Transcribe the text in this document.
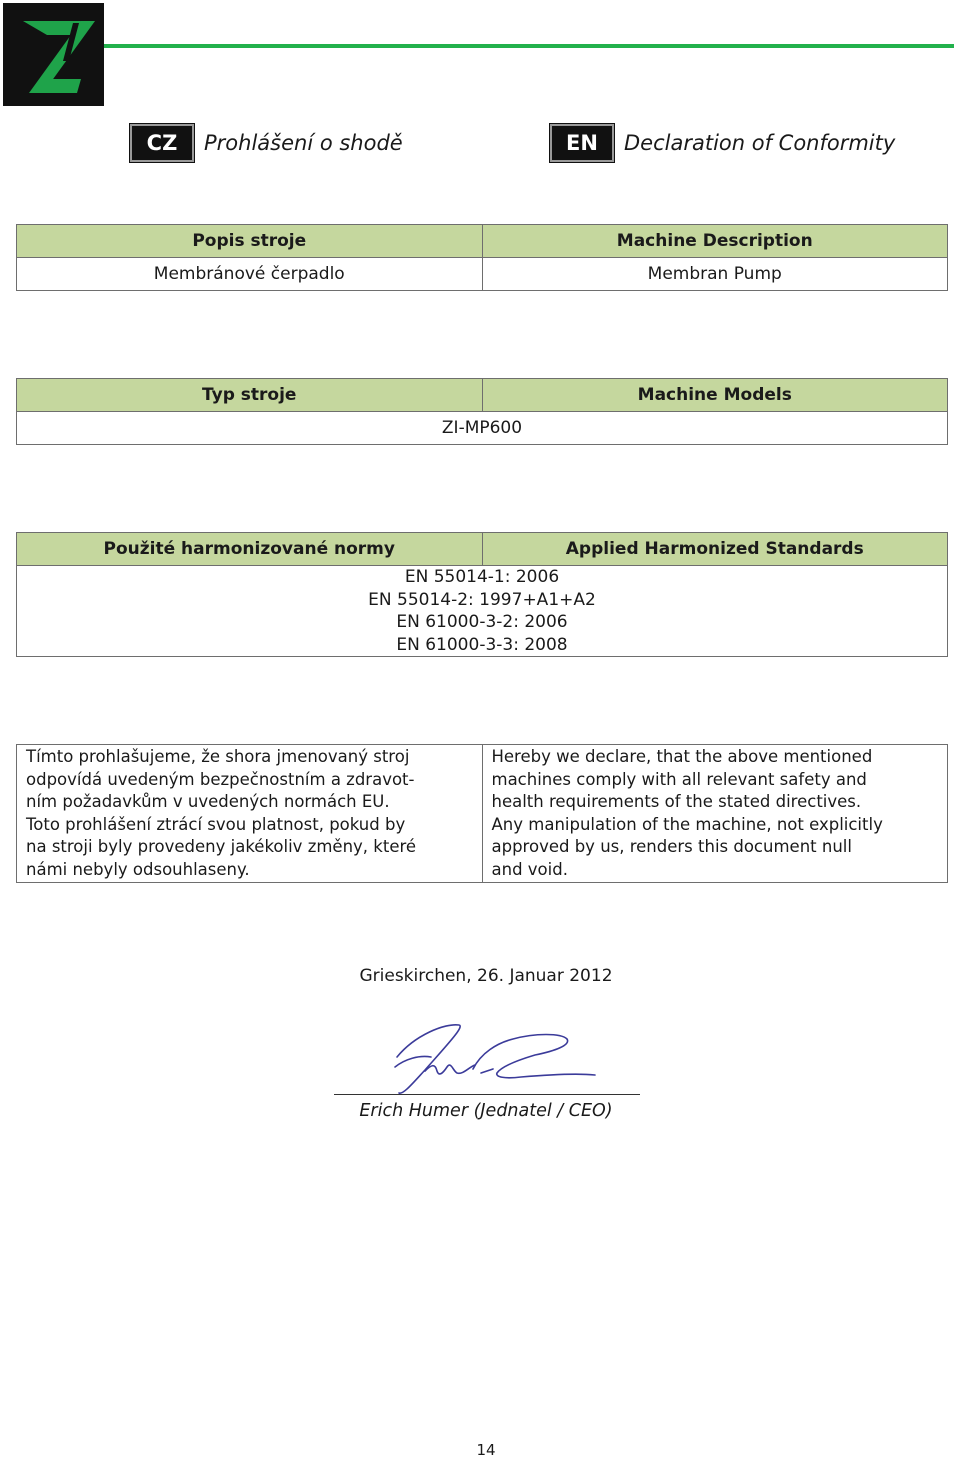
CZ	Prohlášení o shodě	EN	Declaration of Conformity
Popis stroje	Machine Description
Membránové čerpadlo	Membran Pump
Typ stroje	Machine Models
ZI-MP600
Použité harmonizované normy	Applied Harmonized Standards

EN 55014-1: 2006
EN 55014-2: 1997+A1+A2
EN 61000-3-2: 2006
EN 61000-3-3: 2008
Tímto prohlašujeme, že shora jmenovaný stroj
odpovídá uvedeným bezpečnostním a zdravot-
ním požadavkům v uvedených normách EU.
Toto prohlášení ztrácí svou platnost, pokud by
na stroji byly provedeny jakékoliv změny, které
námi nebyly odsouhlaseny.

Hereby we declare, that the above mentioned
machines comply with all relevant safety and
health requirements of the stated directives.
Any manipulation of the machine, not explicitly
approved by us, renders this document null
and void.
Grieskirchen, 26. Januar 2012
Erich Humer (Jednatel / CEO)
14
